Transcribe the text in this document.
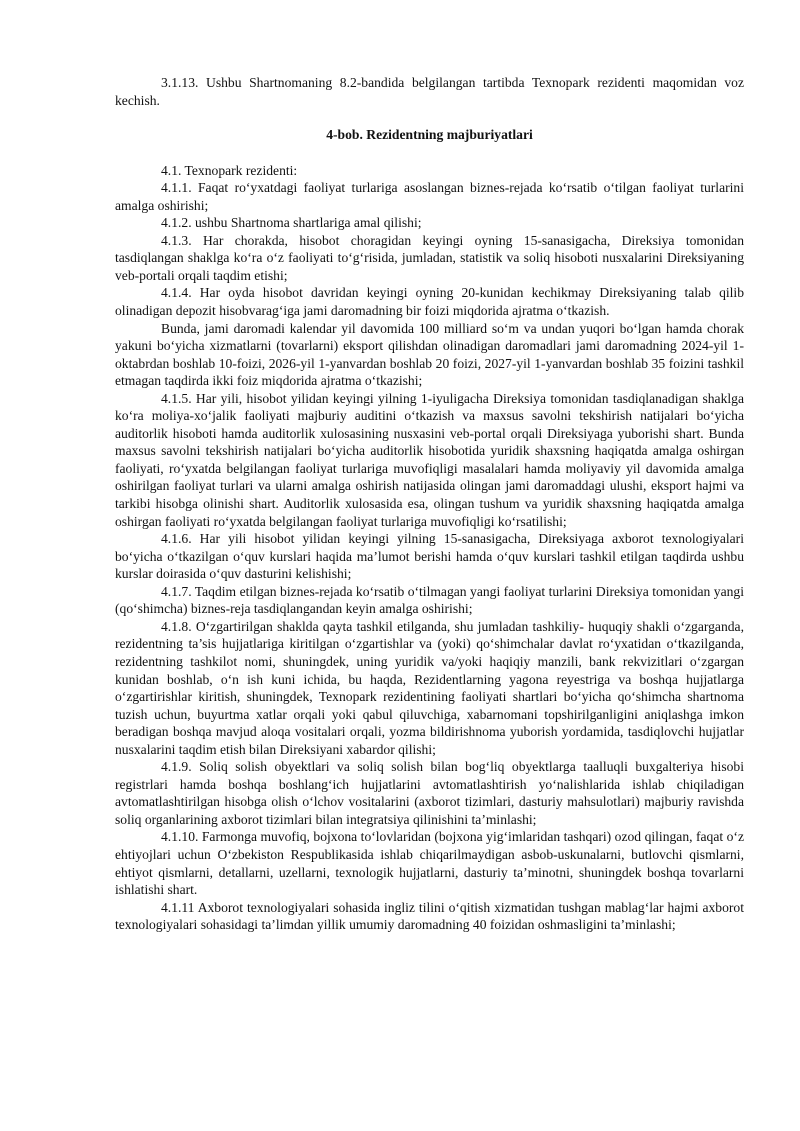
3.1.13. Ushbu Shartnomaning 8.2-bandida belgilangan tartibda Texnopark rezidenti maqomidan voz kechish.

4-bob. Rezidentning majburiyatlari

4.1. Texnopark rezidenti:

4.1.1. Faqat ro‘yxatdagi faoliyat turlariga asoslangan biznes-rejada ko‘rsatib o‘tilgan faoliyat turlarini amalga oshirishi;

4.1.2. ushbu Shartnoma shartlariga amal qilishi;

4.1.3. Har chorakda, hisobot choragidan keyingi oyning 15-sanasigacha, Direksiya tomonidan tasdiqlangan shaklga ko‘ra o‘z faoliyati to‘g‘risida, jumladan, statistik va soliq hisoboti nusxalarini Direksiyaning veb-portali orqali taqdim etishi;

4.1.4. Har oyda hisobot davridan keyingi oyning 20-kunidan kechikmay Direksiyaning talab qilib olinadigan depozit hisobvarag‘iga jami daromadning bir foizi miqdorida ajratma o‘tkazish.

Bunda, jami daromadi kalendar yil davomida 100 milliard so‘m va undan yuqori bo‘lgan hamda chorak yakuni bo‘yicha xizmatlarni (tovarlarni) eksport qilishdan olinadigan daromadlari jami daromadning 2024-yil 1-oktabrdan boshlab 10-foizi, 2026-yil 1-yanvardan boshlab 20 foizi, 2027-yil 1-yanvardan boshlab 35 foizini tashkil etmagan taqdirda ikki foiz miqdorida ajratma o‘tkazishi;

4.1.5. Har yili, hisobot yilidan keyingi yilning 1-iyuligacha Direksiya tomonidan tasdiqlanadigan shaklga ko‘ra moliya-xo‘jalik faoliyati majburiy auditini o‘tkazish va maxsus savolni tekshirish natijalari bo‘yicha auditorlik hisoboti hamda auditorlik xulosasining nusxasini veb-portal orqali Direksiyaga yuborishi shart. Bunda maxsus savolni tekshirish natijalari bo‘yicha auditorlik hisobotida yuridik shaxsning haqiqatda amalga oshirgan faoliyati, ro‘yxatda belgilangan faoliyat turlariga muvofiqligi masalalari hamda moliyaviy yil davomida amalga oshirilgan faoliyat turlari va ularni amalga oshirish natijasida olingan jami daromaddagi ulushi, eksport hajmi va tarkibi hisobga olinishi shart. Auditorlik xulosasida esa, olingan tushum va yuridik shaxsning haqiqatda amalga oshirgan faoliyati ro‘yxatda belgilangan faoliyat turlariga muvofiqligi ko‘rsatilishi;

4.1.6. Har yili hisobot yilidan keyingi yilning 15-sanasigacha, Direksiyaga axborot texnologiyalari bo‘yicha o‘tkazilgan o‘quv kurslari haqida ma’lumot berishi hamda o‘quv kurslari tashkil etilgan taqdirda ushbu kurslar doirasida o‘quv dasturini kelishishi;

4.1.7. Taqdim etilgan biznes-rejada ko‘rsatib o‘tilmagan yangi faoliyat turlarini Direksiya tomonidan yangi (qo‘shimcha) biznes-reja tasdiqlangandan keyin amalga oshirishi;

4.1.8. O‘zgartirilgan shaklda qayta tashkil etilganda, shu jumladan tashkiliy- huquqiy shakli o‘zgarganda, rezidentning ta’sis hujjatlariga kiritilgan o‘zgartishlar va (yoki) qo‘shimchalar davlat ro‘yxatidan o‘tkazilganda, rezidentning tashkilot nomi, shuningdek, uning yuridik va/yoki haqiqiy manzili, bank rekvizitlari o‘zgargan kunidan boshlab, o‘n ish kuni ichida, bu haqda, Rezidentlarning yagona reyestriga va boshqa hujjatlarga o‘zgartirishlar kiritish, shuningdek, Texnopark rezidentining faoliyati shartlari bo‘yicha qo‘shimcha shartnoma tuzish uchun, buyurtma xatlar orqali yoki qabul qiluvchiga, xabarnomani topshirilganligini aniqlashga imkon beradigan boshqa mavjud aloqa vositalari orqali, yozma bildirishnoma yuborish yordamida, tasdiqlovchi hujjatlar nusxalarini taqdim etish bilan Direksiyani xabardor qilishi;

4.1.9. Soliq solish obyektlari va soliq solish bilan bog‘liq obyektlarga taalluqli buxgalteriya hisobi registrlari hamda boshqa boshlang‘ich hujjatlarini avtomatlashtirish yo‘nalishlarida ishlab chiqiladigan avtomatlashtirilgan hisobga olish o‘lchov vositalarini (axborot tizimlari, dasturiy mahsulotlari) majburiy ravishda soliq organlarining axborot tizimlari bilan integratsiya qilinishini ta’minlashi;

4.1.10. Farmonga muvofiq, bojxona to‘lovlaridan (bojxona yig‘imlaridan tashqari) ozod qilingan, faqat o‘z ehtiyojlari uchun O‘zbekiston Respublikasida ishlab chiqarilmaydigan asbob-uskunalarni, butlovchi qismlarni, ehtiyot qismlarni, detallarni, uzellarni, texnologik hujjatlarni, dasturiy ta’minotni, shuningdek boshqa tovarlarni ishlatishi shart.

4.1.11 Axborot texnologiyalari sohasida ingliz tilini o‘qitish xizmatidan tushgan mablag‘lar hajmi axborot texnologiyalari sohasidagi ta’limdan yillik umumiy daromadning 40 foizidan oshmasligini ta’minlashi;
